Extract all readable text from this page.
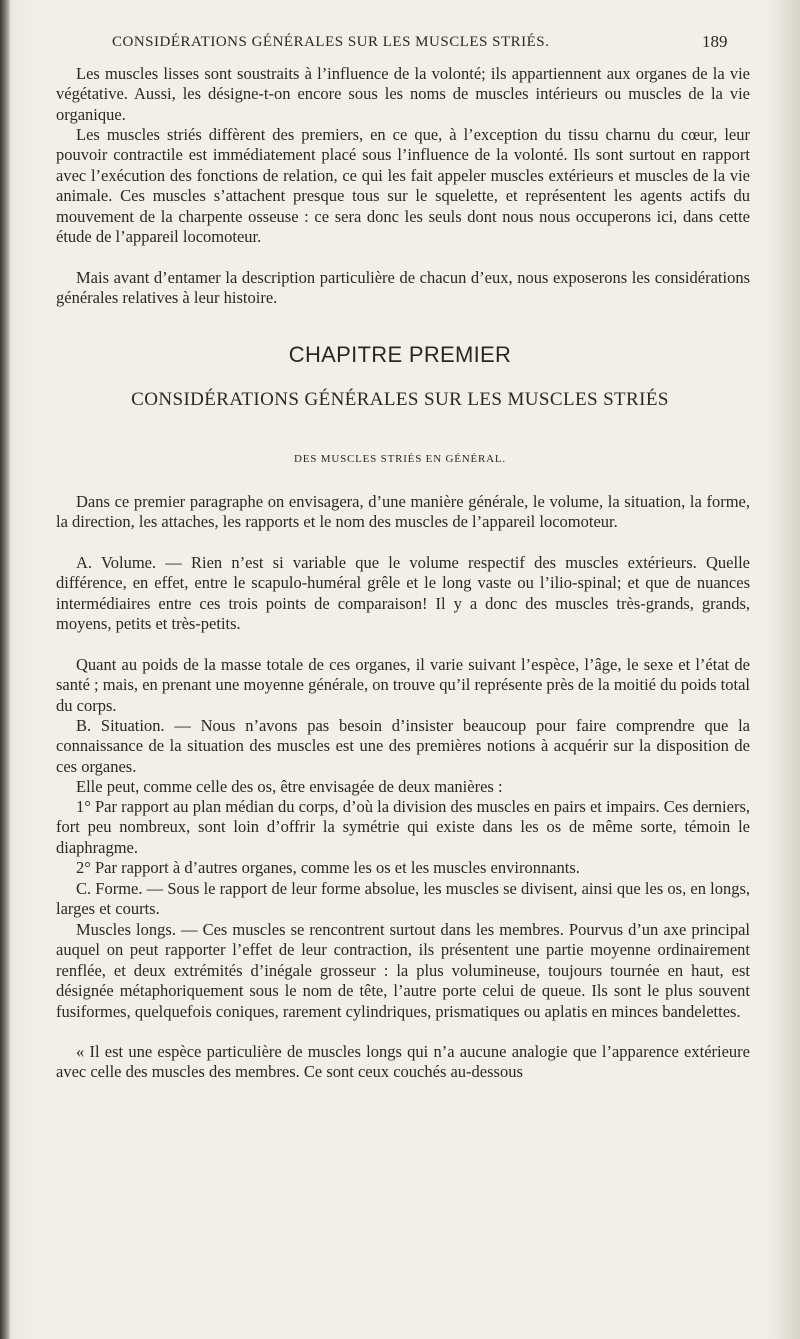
CONSIDÉRATIONS GÉNÉRALES SUR LES MUSCLES STRIÉS.	189

Les muscles lisses sont soustraits à l’influence de la volonté; ils appartiennent aux organes de la vie végétative. Aussi, les désigne-t-on encore sous les noms de muscles intérieurs ou muscles de la vie organique.

Les muscles striés diffèrent des premiers, en ce que, à l’exception du tissu charnu du cœur, leur pouvoir contractile est immédiatement placé sous l’influence de la volonté. Ils sont surtout en rapport avec l’exécution des fonctions de relation, ce qui les fait appeler muscles extérieurs et muscles de la vie animale. Ces muscles s’attachent presque tous sur le squelette, et représentent les agents actifs du mouvement de la charpente osseuse : ce sera donc les seuls dont nous nous occuperons ici, dans cette étude de l’appareil locomoteur.

Mais avant d’entamer la description particulière de chacun d’eux, nous exposerons les considérations générales relatives à leur histoire.

CHAPITRE PREMIER
CONSIDÉRATIONS GÉNÉRALES SUR LES MUSCLES STRIÉS
DES MUSCLES STRIÉS EN GÉNÉRAL.

Dans ce premier paragraphe on envisagera, d’une manière générale, le volume, la situation, la forme, la direction, les attaches, les rapports et le nom des muscles de l’appareil locomoteur.

A. Volume. — Rien n’est si variable que le volume respectif des muscles extérieurs. Quelle différence, en effet, entre le scapulo-huméral grêle et le long vaste ou l’ilio-spinal; et que de nuances intermédiaires entre ces trois points de comparaison! Il y a donc des muscles très-grands, grands, moyens, petits et très-petits.

Quant au poids de la masse totale de ces organes, il varie suivant l’espèce, l’âge, le sexe et l’état de santé ; mais, en prenant une moyenne générale, on trouve qu’il représente près de la moitié du poids total du corps.

B. Situation. — Nous n’avons pas besoin d’insister beaucoup pour faire comprendre que la connaissance de la situation des muscles est une des premières notions à acquérir sur la disposition de ces organes.

Elle peut, comme celle des os, être envisagée de deux manières :

1° Par rapport au plan médian du corps, d’où la division des muscles en pairs et impairs. Ces derniers, fort peu nombreux, sont loin d’offrir la symétrie qui existe dans les os de même sorte, témoin le diaphragme.

2° Par rapport à d’autres organes, comme les os et les muscles environnants.

C. Forme. — Sous le rapport de leur forme absolue, les muscles se divisent, ainsi que les os, en longs, larges et courts.

Muscles longs. — Ces muscles se rencontrent surtout dans les membres. Pourvus d’un axe principal auquel on peut rapporter l’effet de leur contraction, ils présentent une partie moyenne ordinairement renflée, et deux extrémités d’inégale grosseur : la plus volumineuse, toujours tournée en haut, est désignée métaphoriquement sous le nom de tête, l’autre porte celui de queue. Ils sont le plus souvent fusiformes, quelquefois coniques, rarement cylindriques, prismatiques ou aplatis en minces bandelettes.

« Il est une espèce particulière de muscles longs qui n’a aucune analogie que l’apparence extérieure avec celle des muscles des membres. Ce sont ceux couchés au-dessous
